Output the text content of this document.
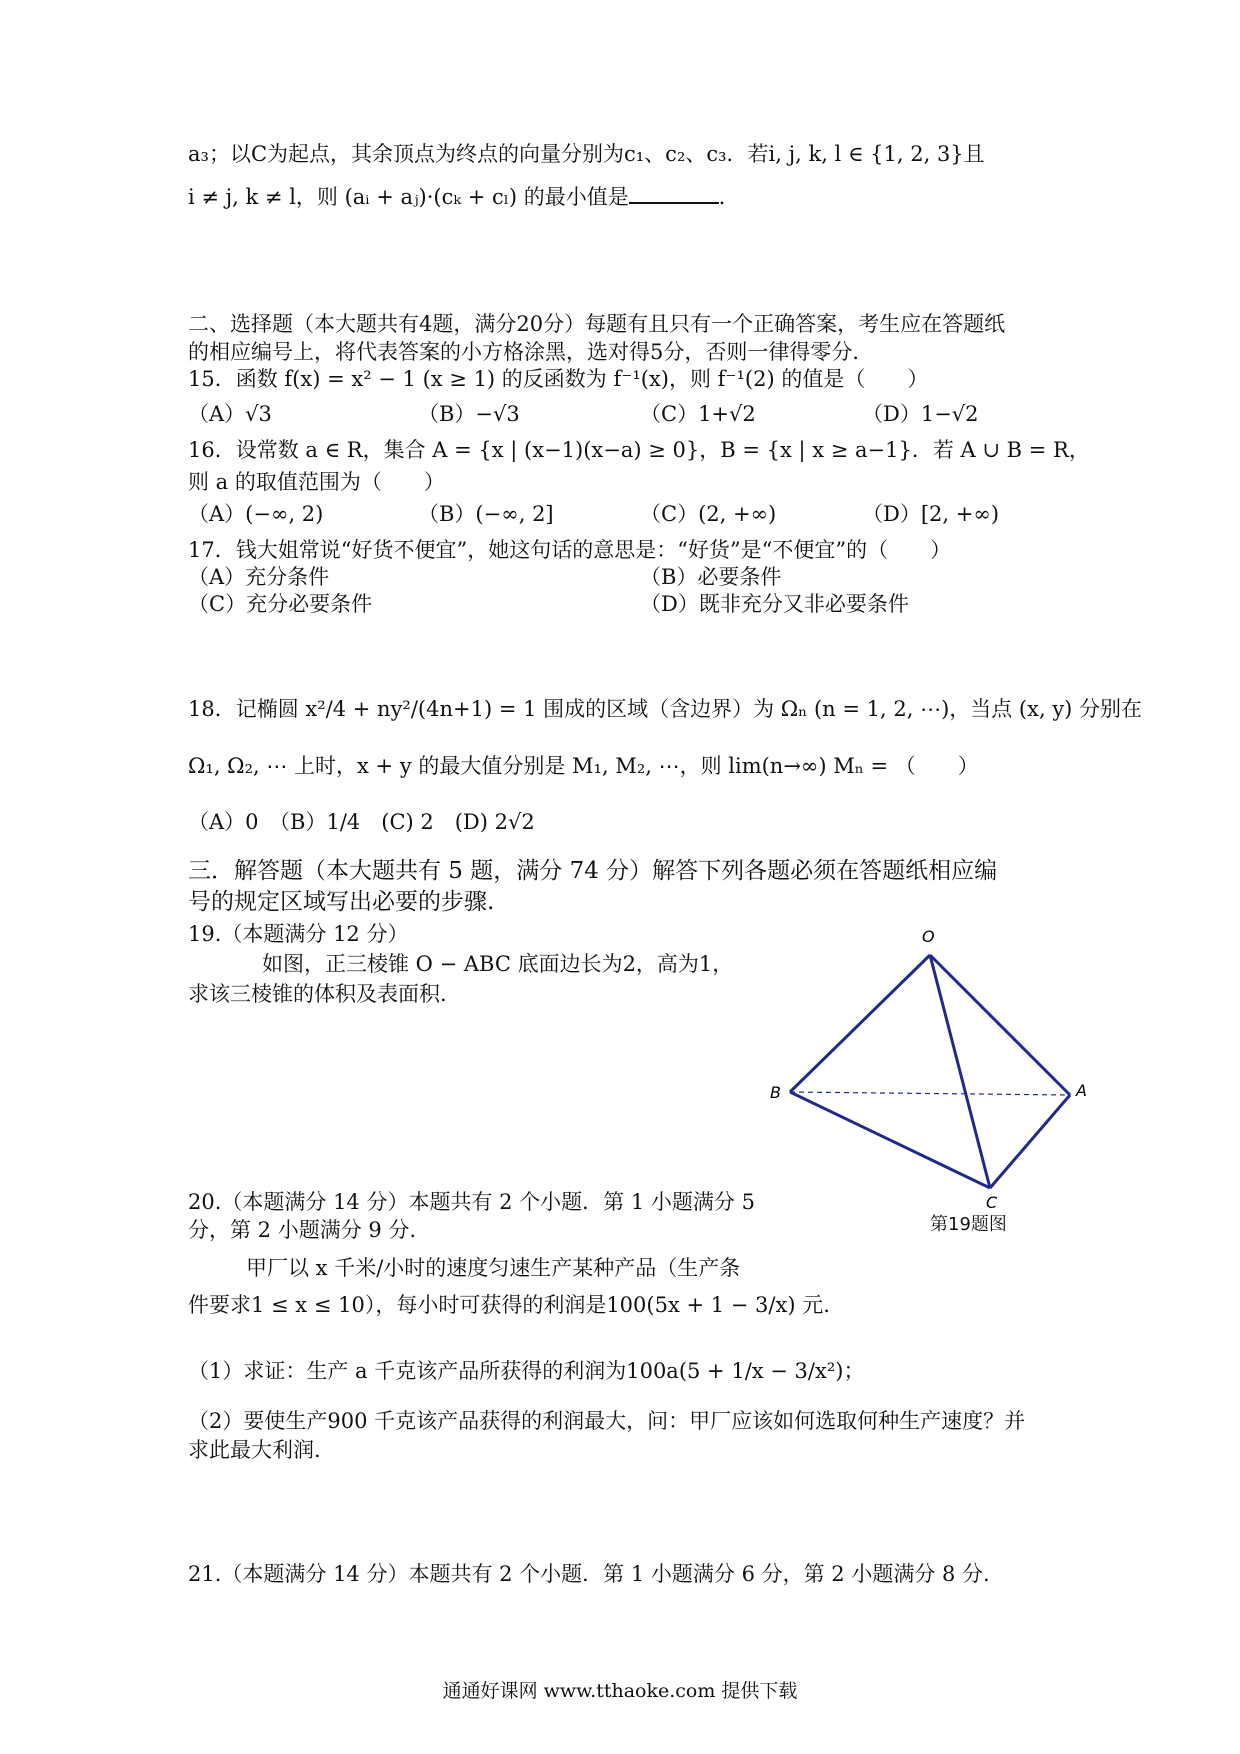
a₃；以C为起点，其余顶点为终点的向量分别为c₁、c₂、c₃．若i, j, k, l ∈ {1, 2, 3}且
i ≠ j, k ≠ l，则 (aᵢ + aⱼ)·(cₖ + cₗ) 的最小值是	．
二、选择题（本大题共有4题，满分20分）每题有且只有一个正确答案，考生应在答题纸
的相应编号上，将代表答案的小方格涂黑，选对得5分，否则一律得零分．
15．函数 f(x) = x² − 1 (x ≥ 1) 的反函数为 f⁻¹(x)，则 f⁻¹(2) 的值是（　　）
（A）√3	（B）−√3	（C）1+√2	（D）1−√2
16．设常数 a ∈ R，集合 A = {x | (x−1)(x−a) ≥ 0}，B = {x | x ≥ a−1}．若 A ∪ B = R，
则 a 的取值范围为（　　）
（A）(−∞, 2)	（B）(−∞, 2]	（C）(2, +∞)	（D）[2, +∞)
17．钱大姐常说“好货不便宜”，她这句话的意思是：“好货”是“不便宜”的（　　）
（A）充分条件	（B）必要条件
（C）充分必要条件	（D）既非充分又非必要条件
18．记椭圆 x²/4 + ny²/(4n+1) = 1 围成的区域（含边界）为 Ωₙ (n = 1, 2, ⋯)，当点 (x, y) 分别在
Ω₁, Ω₂, ⋯ 上时，x + y 的最大值分别是 M₁, M₂, ⋯，则 lim(n→∞) Mₙ = （　　）
（A）0　（B）1/4　(C) 2　(D) 2√2
三．解答题（本大题共有 5 题，满分 74 分）解答下列各题必须在答题纸相应编
号的规定区域写出必要的步骤.
19.（本题满分 12 分）
如图，正三棱锥 O − ABC 底面边长为2，高为1，
求该三棱锥的体积及表面积.
O
B	A
C
第19题图
20.（本题满分 14 分）本题共有 2 个小题．第 1 小题满分 5
分，第 2 小题满分 9 分.
甲厂以 x 千米/小时的速度匀速生产某种产品（生产条
件要求1 ≤ x ≤ 10），每小时可获得的利润是100(5x + 1 − 3/x) 元.
（1）求证：生产 a 千克该产品所获得的利润为100a(5 + 1/x − 3/x²)；
（2）要使生产900 千克该产品获得的利润最大，问：甲厂应该如何选取何种生产速度？并
求此最大利润.
21.（本题满分 14 分）本题共有 2 个小题．第 1 小题满分 6 分，第 2 小题满分 8 分.
通通好课网 www.tthaoke.com 提供下载
